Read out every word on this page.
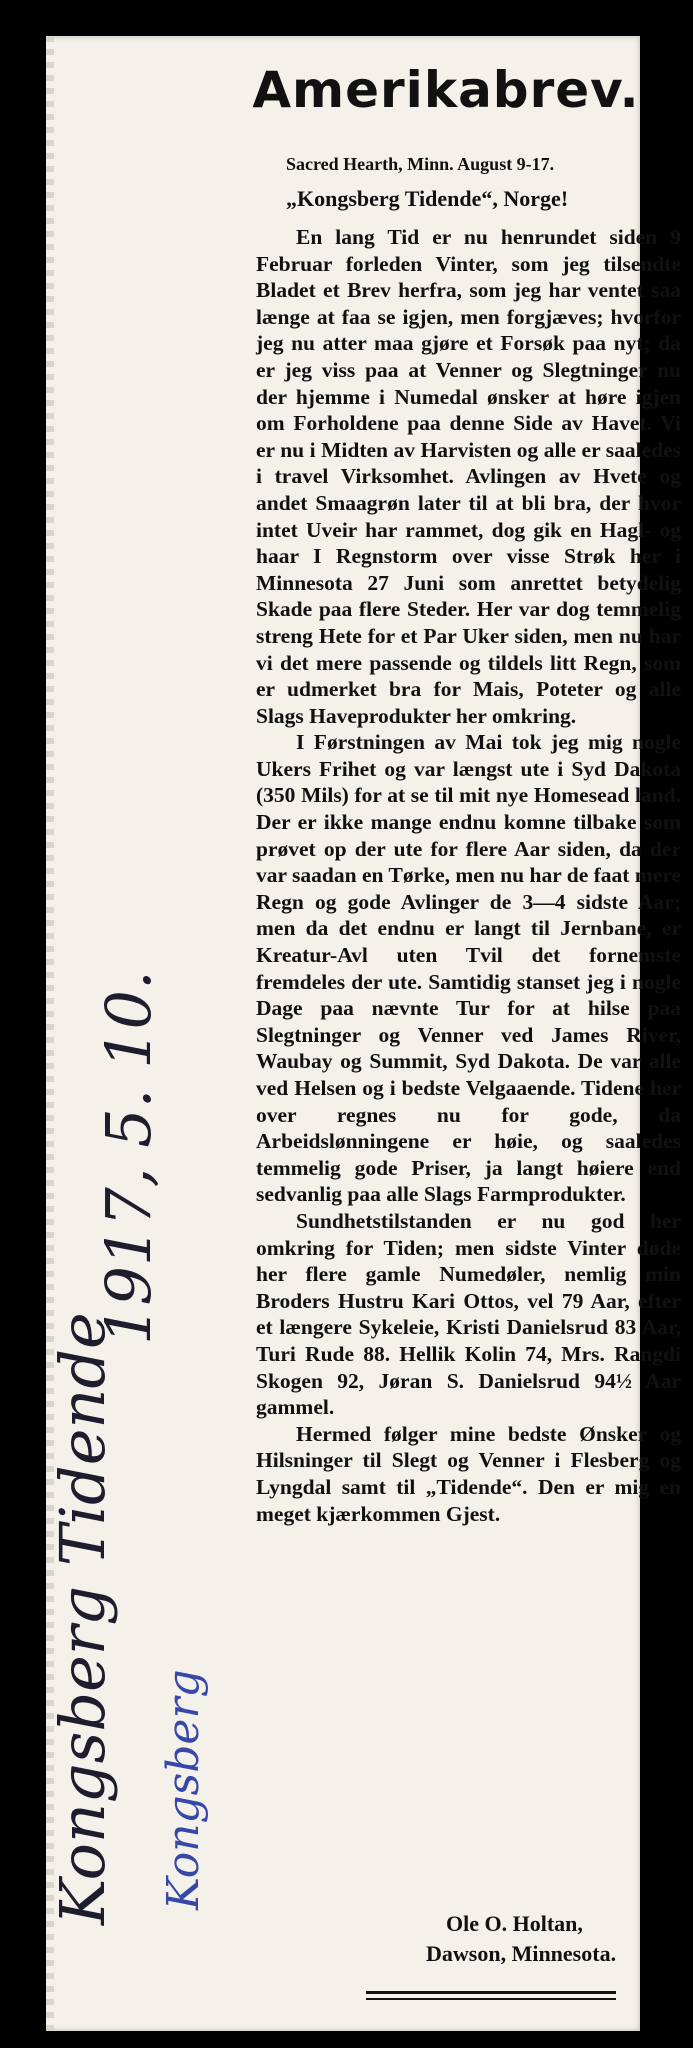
Amerikabrev.
Sacred Hearth, Minn. August 9-17.
„Kongsberg Tidende“, Norge!

En lang Tid er nu henrundet siden 9 Februar forleden Vinter, som jeg tilsendte Bladet et Brev herfra, som jeg har ventet saa længe at faa se igjen, men forgjæves; hvorfor jeg nu atter maa gjøre et Forsøk paa nyt; da er jeg viss paa at Venner og Slegtninger nu der hjemme i Numedal ønsker at høre igjen om Forholdene paa denne Side av Havet. Vi er nu i Midten av Harvisten og alle er saaledes i travel Virksomhet. Avlingen av Hvete og andet Smaagrøn later til at bli bra, der hvor intet Uveir har rammet, dog gik en Hagl- og haar I Regnstorm over visse Strøk her i Minnesota 27 Juni som anrettet betydelig Skade paa flere Steder. Her var dog temmelig streng Hete for et Par Uker siden, men nu har vi det mere passende og tildels litt Regn, som er udmerket bra for Mais, Poteter og alle Slags Haveprodukter her omkring.

I Førstningen av Mai tok jeg mig nogle Ukers Frihet og var længst ute i Syd Dakota (350 Mils) for at se til mit nye Homesead land. Der er ikke mange endnu komne tilbake som prøvet op der ute for flere Aar siden, da der var saadan en Tørke, men nu har de faat mere Regn og gode Avlinger de 3—4 sidste Aar; men da det endnu er langt til Jernbane, er Kreatur-Avl uten Tvil det fornemste fremdeles der ute. Samtidig stanset jeg i nogle Dage paa nævnte Tur for at hilse paa Slegtninger og Venner ved James River, Waubay og Summit, Syd Dakota. De var alle ved Helsen og i bedste Velgaaende. Tidene her over regnes nu for gode, da Arbeidslønningene er høie, og saaledes temmelig gode Priser, ja langt høiere end sedvanlig paa alle Slags Farmprodukter.

Sundhetstilstanden er nu god her omkring for Tiden; men sidste Vinter døde her flere gamle Numedøler, nemlig min Broders Hustru Kari Ottos, vel 79 Aar, efter et længere Sykeleie, Kristi Danielsrud 83 Aar, Turi Rude 88. Hellik Kolin 74, Mrs. Rangdi Skogen 92, Jøran S. Danielsrud 94½ Aar gammel.

Hermed følger mine bedste Ønsker og Hilsninger til Slegt og Venner i Flesberg og Lyngdal samt til „Tidende“. Den er mig en meget kjærkommen Gjest.

Ole O. Holtan,
Dawson, Minnesota.
Kongsberg Tidende
1917, 5. 10.
Kongsberg
